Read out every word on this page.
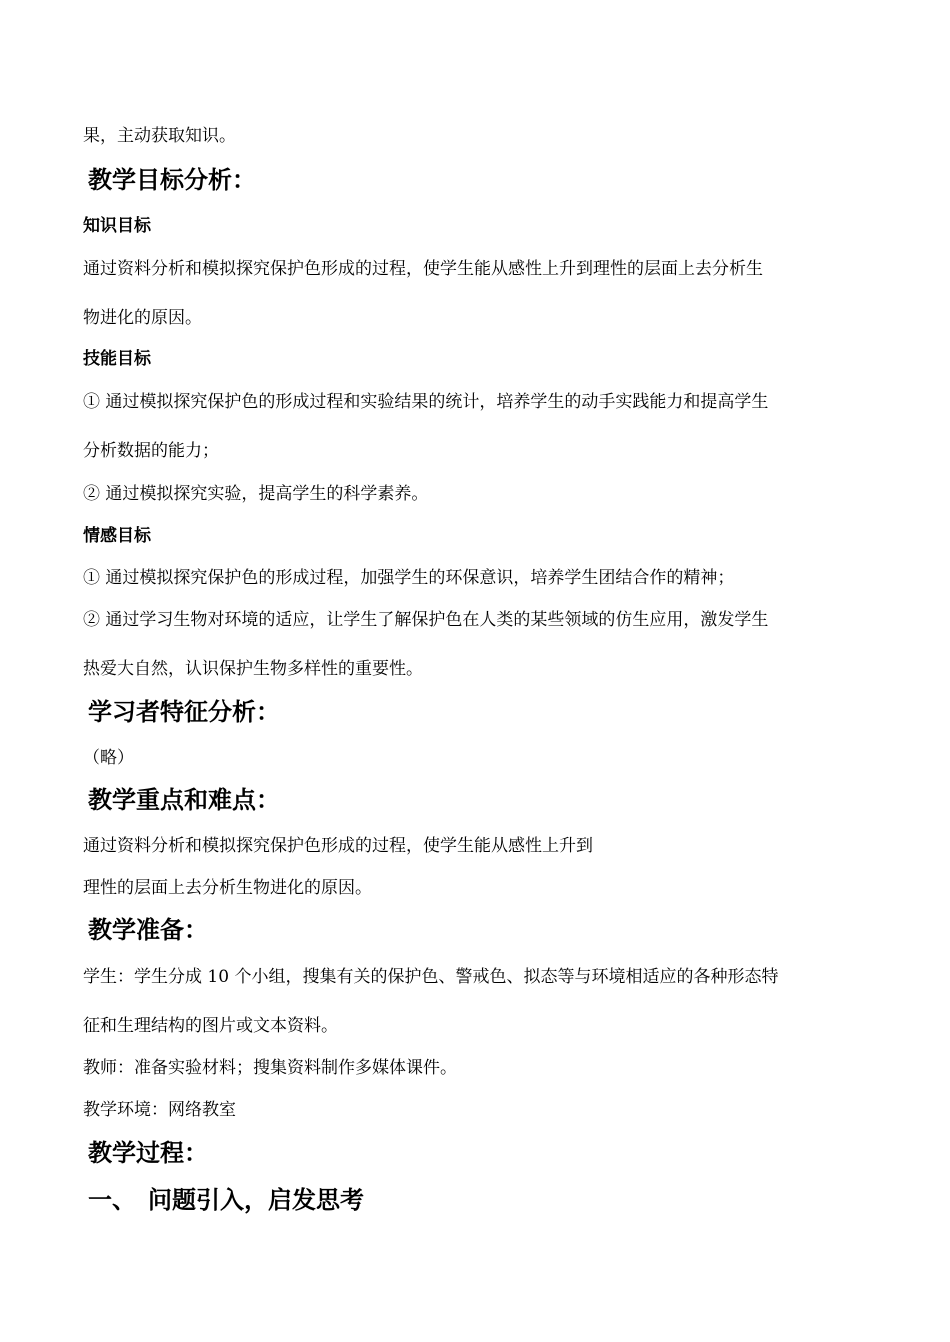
果，主动获取知识。
教学目标分析：
知识目标
通过资料分析和模拟探究保护色形成的过程，使学生能从感性上升到理性的层面上去分析生
物进化的原因。
技能目标
① 通过模拟探究保护色的形成过程和实验结果的统计，培养学生的动手实践能力和提高学生
分析数据的能力；
② 通过模拟探究实验，提高学生的科学素养。
情感目标
① 通过模拟探究保护色的形成过程，加强学生的环保意识，培养学生团结合作的精神；
② 通过学习生物对环境的适应，让学生了解保护色在人类的某些领域的仿生应用，激发学生
热爱大自然，认识保护生物多样性的重要性。
学习者特征分析：
（略）
教学重点和难点：
通过资料分析和模拟探究保护色形成的过程，使学生能从感性上升到
理性的层面上去分析生物进化的原因。
教学准备：
学生：学生分成 10 个小组，搜集有关的保护色、警戒色、拟态等与环境相适应的各种形态特
征和生理结构的图片或文本资料。
教师：准备实验材料；搜集资料制作多媒体课件。
教学环境：网络教室
教学过程：
一、 问题引入，启发思考
